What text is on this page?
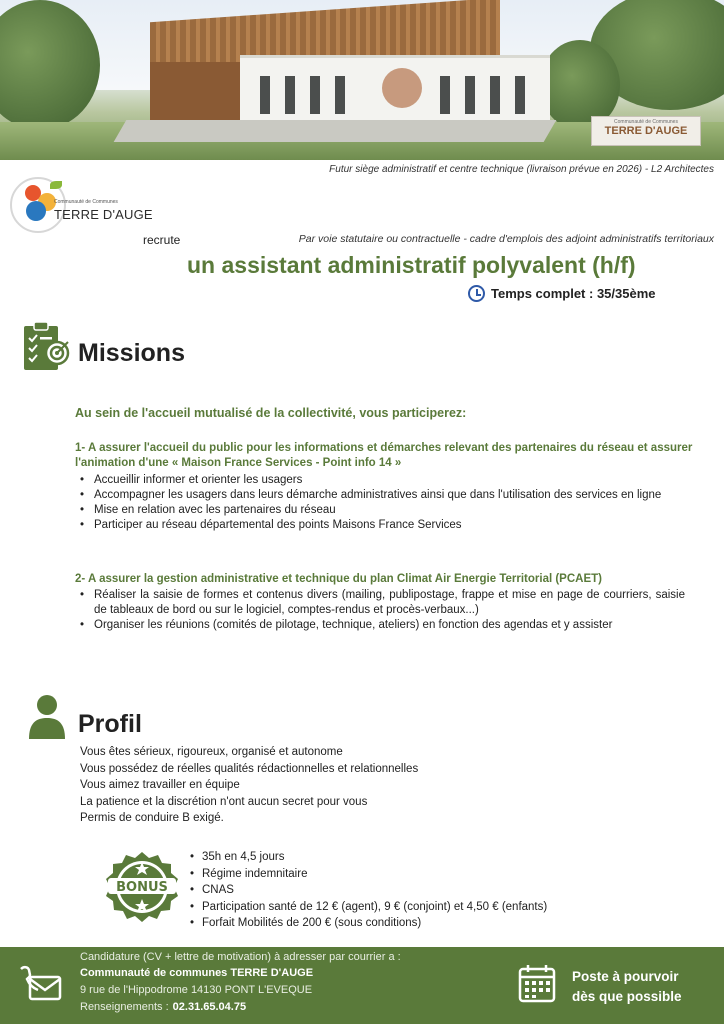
Communauté de Communes
TERRE D'AUGE
Futur siège administratif et centre technique (livraison prévue en 2026) - L2 Architectes
Communauté de Communes
TERRE D'AUGE
recrute	Par voie statutaire ou contractuelle - cadre d'emplois des adjoint administratifs territoriaux
un assistant administratif polyvalent (h/f)
Temps complet : 35/35ème
Missions
Au sein de l'accueil mutualisé de la collectivité, vous participerez:
1- A assurer l'accueil du public pour les informations et démarches relevant des partenaires du réseau et assurer l'animation d'une « Maison France Services - Point info 14 »
• Accueillir informer et orienter les usagers
• Accompagner les usagers dans leurs démarche administratives ainsi que dans l'utilisation des services en ligne
• Mise en relation avec les partenaires du réseau
• Participer au réseau départemental des points Maisons France Services
2- A assurer la gestion administrative et technique du plan Climat Air Energie Territorial (PCAET)
• Réaliser la saisie de formes et contenus divers (mailing, publipostage, frappe et mise en page de courriers, saisie de tableaux de bord ou sur le logiciel, comptes-rendus et procès-verbaux...)
• Organiser les réunions (comités de pilotage, technique, ateliers) en fonction des agendas et y assister
Profil
Vous êtes sérieux, rigoureux, organisé et autonome
Vous possédez de réelles qualités rédactionnelles et relationnelles
Vous aimez travailler en équipe
La patience et la discrétion n'ont aucun secret pour vous
Permis de conduire B exigé.
BONUS
• 35h en 4,5 jours
• Régime indemnitaire
• CNAS
• Participation santé de 12 € (agent), 9 € (conjoint) et 4,50 € (enfants)
• Forfait Mobilités de 200 € (sous conditions)
Candidature (CV + lettre de motivation) à adresser par courrier a :
Communauté de communes TERRE D'AUGE
9 rue de l'Hippodrome 14130 PONT L'EVEQUE
Renseignements : 02.31.65.04.75
Poste à pourvoir
dès que possible
